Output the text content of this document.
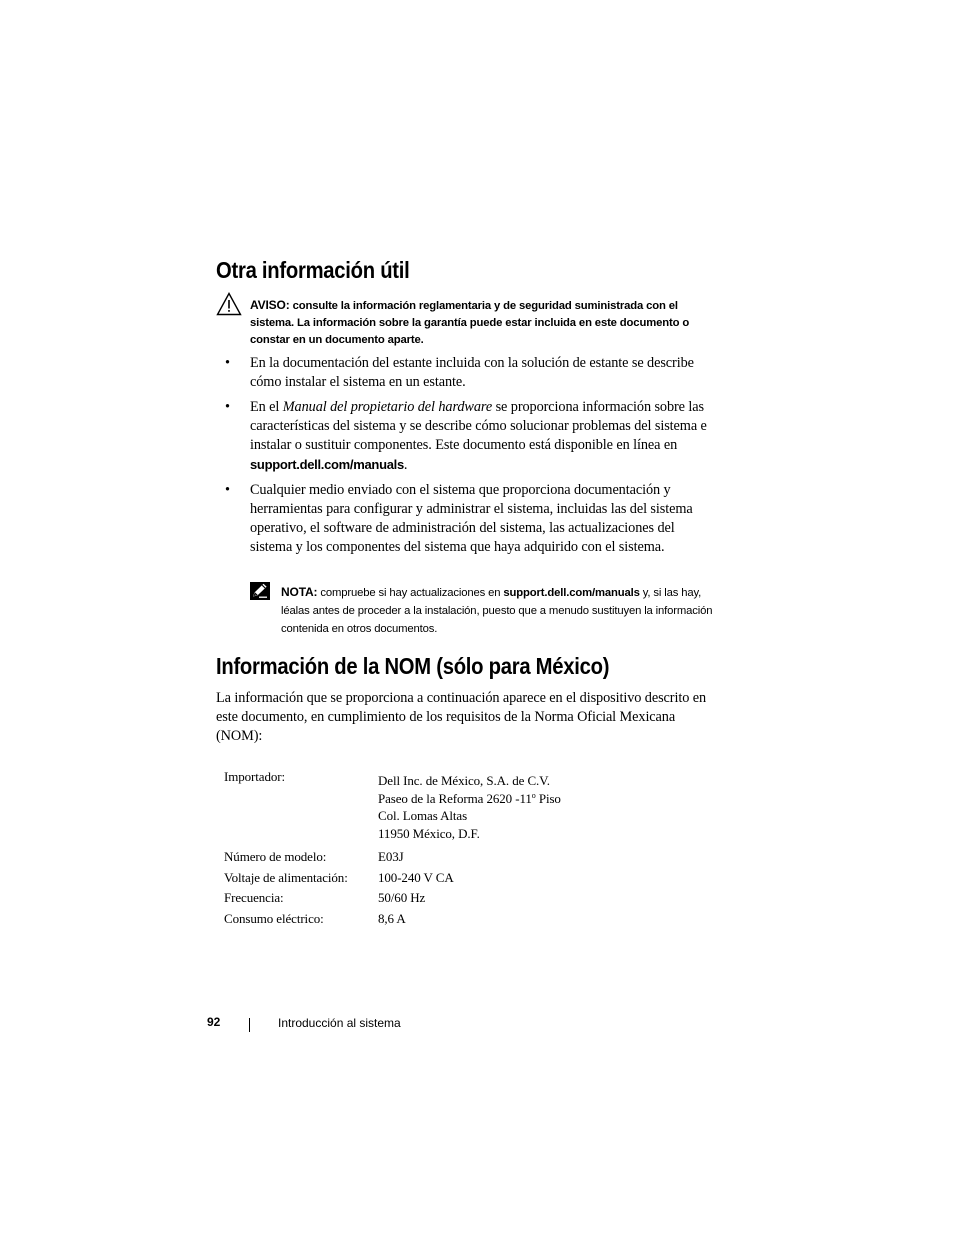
Otra información útil
AVISO: consulte la información reglamentaria y de seguridad suministrada con el sistema. La información sobre la garantía puede estar incluida en este documento o constar en un documento aparte.
• En la documentación del estante incluida con la solución de estante se describe cómo instalar el sistema en un estante.
• En el Manual del propietario del hardware se proporciona información sobre las características del sistema y se describe cómo solucionar problemas del sistema e instalar o sustituir componentes. Este documento está disponible en línea en support.dell.com/manuals.
• Cualquier medio enviado con el sistema que proporciona documentación y herramientas para configurar y administrar el sistema, incluidas las del sistema operativo, el software de administración del sistema, las actualizaciones del sistema y los componentes del sistema que haya adquirido con el sistema.
NOTA: compruebe si hay actualizaciones en support.dell.com/manuals y, si las hay, léalas antes de proceder a la instalación, puesto que a menudo sustituyen la información contenida en otros documentos.
Información de la NOM (sólo para México)

La información que se proporciona a continuación aparece en el dispositivo descrito en este documento, en cumplimiento de los requisitos de la Norma Oficial Mexicana (NOM):

Importador:	Dell Inc. de México, S.A. de C.V.
Paseo de la Reforma 2620 -11$^o$ Piso
Col. Lomas Altas
11950 México, D.F.
Número de modelo:	E03J
Voltaje de alimentación: 100-240 V CA
Frecuencia:	50/60 Hz
Consumo eléctrico:	8,6 A
92	Introducción al sistema
